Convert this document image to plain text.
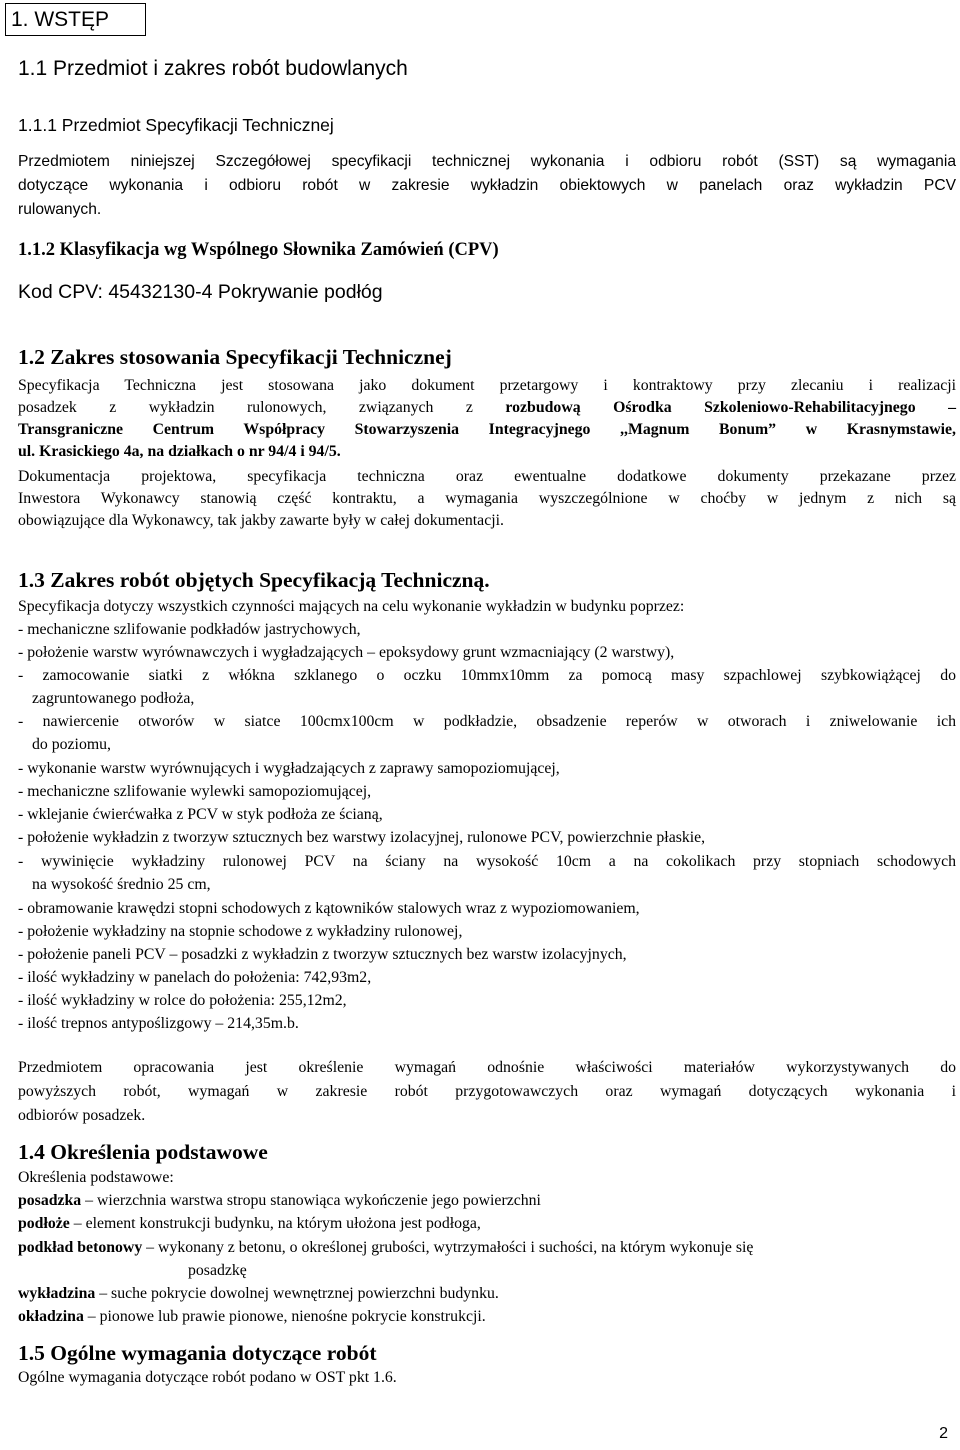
1. WSTĘP
1.1 Przedmiot i zakres robót budowlanych
1.1.1 Przedmiot Specyfikacji Technicznej
Przedmiotem niniejszej Szczegółowej specyfikacji technicznej wykonania i odbioru robót (SST) są wymagania
dotyczące wykonania i odbioru robót w zakresie wykładzin obiektowych w panelach oraz wykładzin PCV
rulowanych.
1.1.2 Klasyfikacja wg Wspólnego Słownika Zamówień (CPV)
Kod CPV: 45432130-4 Pokrywanie podłóg
1.2 Zakres stosowania Specyfikacji Technicznej
Specyfikacja Techniczna jest stosowana jako dokument przetargowy i kontraktowy przy zlecaniu i realizacji
posadzek z wykładzin rulonowych, związanych z rozbudową Ośrodka Szkoleniowo-Rehabilitacyjnego –
Transgraniczne Centrum Współpracy Stowarzyszenia Integracyjnego ,,Magnum Bonum” w Krasnymstawie,
ul. Krasickiego 4a, na działkach o nr 94/4 i 94/5.
Dokumentacja projektowa, specyfikacja techniczna oraz ewentualne dodatkowe dokumenty przekazane przez
Inwestora Wykonawcy stanowią część kontraktu, a wymagania wyszczególnione w choćby w jednym z nich są
obowiązujące dla Wykonawcy, tak jakby zawarte były w całej dokumentacji.
1.3 Zakres robót objętych Specyfikacją Techniczną.
Specyfikacja dotyczy wszystkich czynności mających na celu wykonanie wykładzin w budynku poprzez:
- mechaniczne szlifowanie podkładów jastrychowych,
- położenie warstw wyrównawczych i wygładzających – epoksydowy grunt wzmacniający (2 warstwy),
- zamocowanie siatki z włókna szklanego o oczku 10mmx10mm za pomocą masy szpachlowej szybkowiążącej do
zagruntowanego podłoża,
- nawiercenie otworów w siatce 100cmx100cm w podkładzie, obsadzenie reperów w otworach i zniwelowanie ich
do poziomu,
- wykonanie warstw wyrównujących i wygładzających z zaprawy samopoziomującej,
- mechaniczne szlifowanie wylewki samopoziomującej,
- wklejanie ćwierćwałka z PCV w styk podłoża ze ścianą,
- położenie wykładzin z tworzyw sztucznych bez warstwy izolacyjnej, rulonowe PCV, powierzchnie płaskie,
- wywinięcie wykładziny rulonowej PCV na ściany na wysokość 10cm a na cokolikach przy stopniach schodowych
na wysokość średnio 25 cm,
- obramowanie krawędzi stopni schodowych z kątowników stalowych wraz z wypoziomowaniem,
- położenie wykładziny na stopnie schodowe z wykładziny rulonowej,
- położenie paneli PCV – posadzki z wykładzin z tworzyw sztucznych bez warstw izolacyjnych,
- ilość wykładziny w panelach do położenia: 742,93m2,
- ilość wykładziny w rolce do położenia: 255,12m2,
- ilość trepnos antypoślizgowy – 214,35m.b.
Przedmiotem opracowania jest określenie wymagań odnośnie właściwości materiałów wykorzystywanych do
powyższych robót, wymagań w zakresie robót przygotowawczych oraz wymagań dotyczących wykonania i
odbiorów posadzek.
1.4 Określenia podstawowe
Określenia podstawowe:
posadzka – wierzchnia warstwa stropu stanowiąca wykończenie jego powierzchni
podłoże – element konstrukcji budynku, na którym ułożona jest podłoga,
podkład betonowy – wykonany z betonu, o określonej grubości, wytrzymałości i suchości, na którym wykonuje się
posadzkę
wykładzina – suche pokrycie dowolnej wewnętrznej powierzchni budynku.
okładzina – pionowe lub prawie pionowe, nienośne pokrycie konstrukcji.
1.5 Ogólne wymagania dotyczące robót
Ogólne wymagania dotyczące robót podano w OST pkt 1.6.
2
